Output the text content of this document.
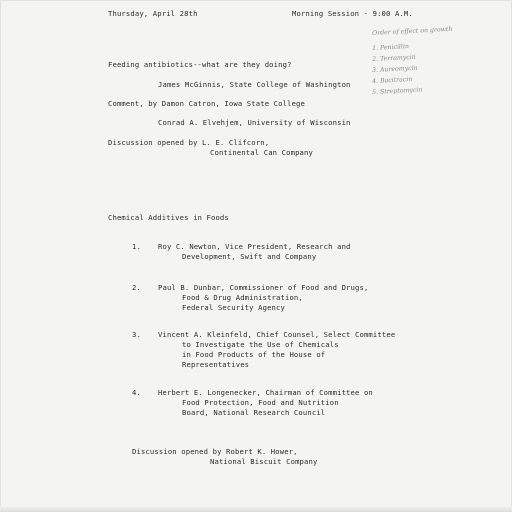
Thursday, April 28th	Morning Session - 9:00 A.M.
Order of effect on growth
1. Penicillin
2. Terramycin
3. Aureomycin
4. Bacitracin
5. Streptomycin
Feeding antibiotics--what are they doing?
James McGinnis, State College of Washington
Comment, by Damon Catron, Iowa State College
Conrad A. Elvehjem, University of Wisconsin
Discussion opened by L. E. Clifcorn,
Continental Can Company
Chemical Additives in Foods
1. Roy C. Newton, Vice President, Research and
Development, Swift and Company
2. Paul B. Dunbar, Commissioner of Food and Drugs,
Food & Drug Administration,
Federal Security Agency
3. Vincent A. Kleinfeld, Chief Counsel, Select Committee
to Investigate the Use of Chemicals
in Food Products of the House of
Representatives
4. Herbert E. Longenecker, Chairman of Committee on
Food Protection, Food and Nutrition
Board, National Research Council
Discussion opened by Robert K. Hower,
National Biscuit Company
